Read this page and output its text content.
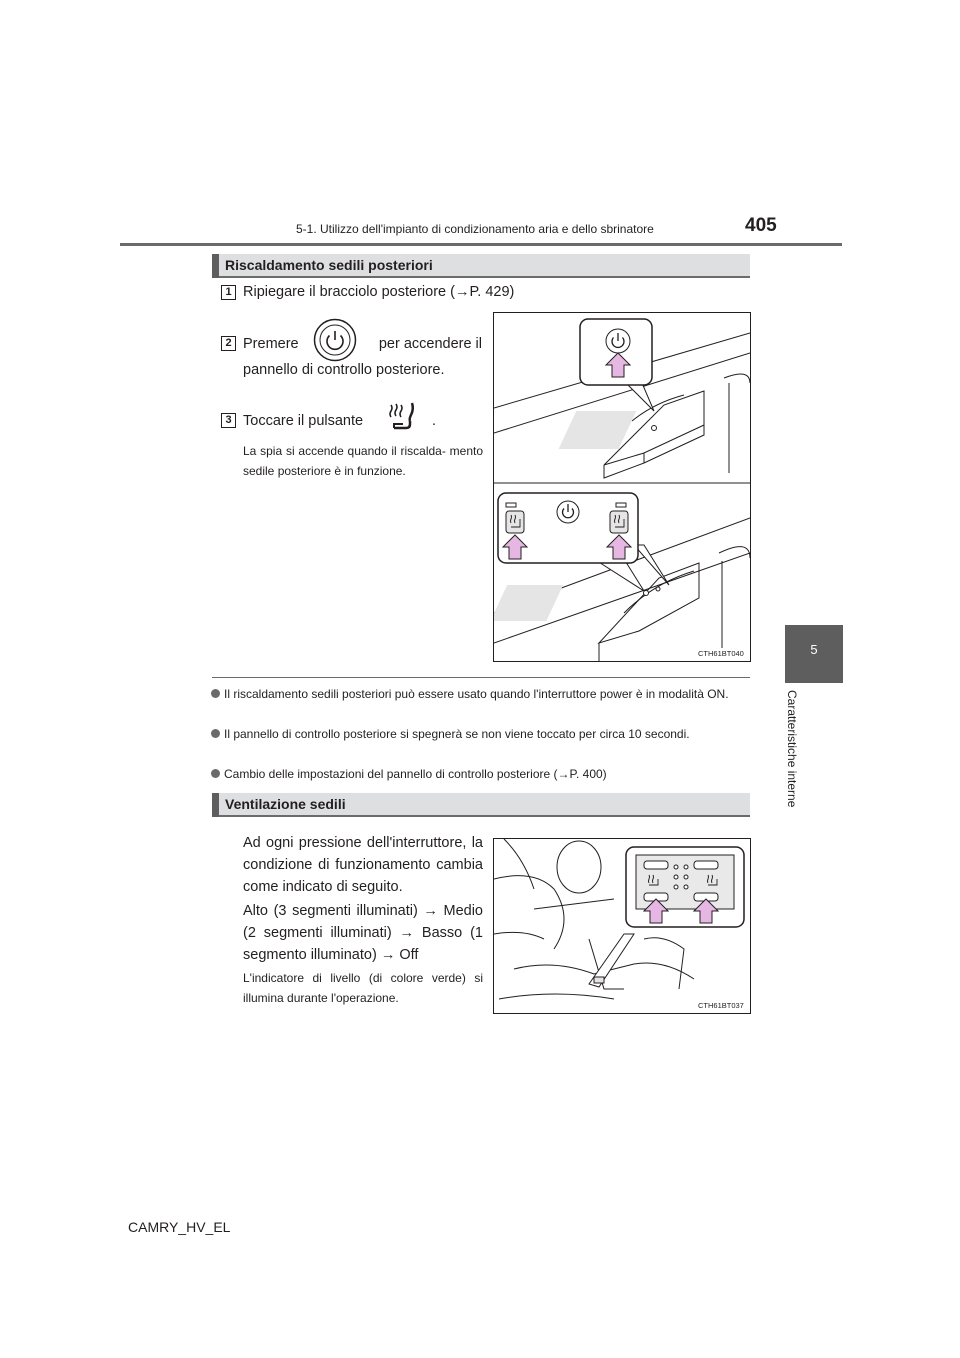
5-1. Utilizzo dell'impianto di condizionamento aria e dello sbrinatore	405
5
Caratteristiche interne
Riscaldamento sedili posteriori
1 Ripiegare il bracciolo posteriore (→P. 429)
2 Premere	per accendere il
pannello di controllo posteriore.
3 Toccare il pulsante	.
La spia si accende quando il riscalda- mento sedile posteriore è in funzione.
CTH61BT040
Il riscaldamento sedili posteriori può essere usato quando l'interruttore power è in modalità ON.
Il pannello di controllo posteriore si spegnerà se non viene toccato per circa 10 secondi.
Cambio delle impostazioni del pannello di controllo posteriore (→P. 400)
Ventilazione sedili
Ad ogni pressione dell'interruttore, la condizione di funzionamento cambia come indicato di seguito.
Alto (3 segmenti illuminati) → Medio (2 segmenti illuminati) → Basso (1 segmento illuminato) → Off
L'indicatore di livello (di colore verde) si illumina durante l'operazione.
CTH61BT037
CAMRY_HV_EL
